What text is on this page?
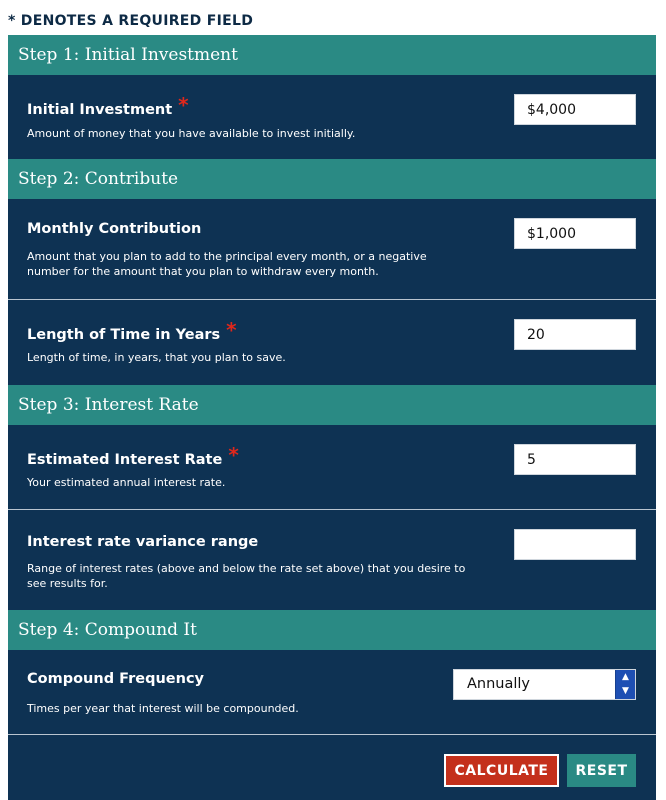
* DENOTES A REQUIRED FIELD
Step 1: Initial Investment
Initial Investment *
Amount of money that you have available to invest initially.
$4,000
Step 2: Contribute
Monthly Contribution
Amount that you plan to add to the principal every month, or a negative number for the amount that you plan to withdraw every month.
$1,000
Length of Time in Years *
Length of time, in years, that you plan to save.
20
Step 3: Interest Rate
Estimated Interest Rate *
Your estimated annual interest rate.
5
Interest rate variance range
Range of interest rates (above and below the rate set above) that you desire to see results for.
Step 4: Compound It
Compound Frequency
Times per year that interest will be compounded.
Annually	▲
▼
CALCULATE	RESET
